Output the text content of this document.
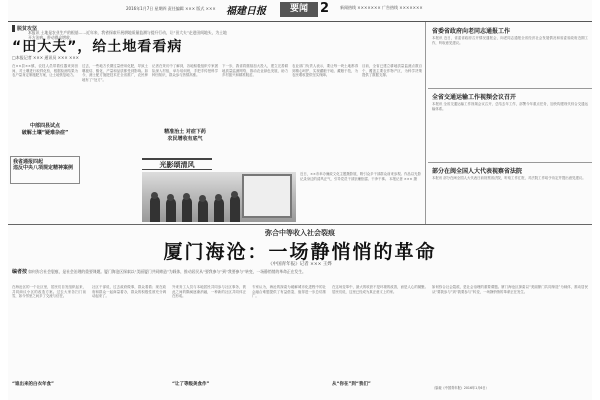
2016年1月7日 星期四 责任编辑 ××× 版式 ××× 福建日报	要闻 2	新闻热线 ××××××× 广告热线 ×××××××
脱贫攻坚
本报讯 土地是农业生产的根基……近年来，我省探索开展耕地质量监测与提升行动，让“田大夫”走进田间地头，为土地开方治病，带动群众增收。
“田大夫”，给土地看看病
□本报记者 ××× 通讯员 ××× ×××
在××县××镇，农技人员带着仪器来到田间，对土壤进行取样化验，根据检测结果为农户量身定制施肥方案，让土地恢复地力。
过去，一些地方长期过量使用化肥，导致土壤板结、酸化，产量和品质都受到影响。如今，测土配方施肥技术在全省推广，农民种地有了“处方”。
记者在采访中了解到，各地积极组织专家团队深入村组，举办培训班，手把手传授科学种田知识，群众参与热情高涨。
下一步，我省将继续加大投入，建立完善耕地质量监测网络，推动农业绿色发展，助力乡村振兴和精准脱贫。
农业部门负责人表示，要让每一块土地都得到精心呵护，实现藏粮于地、藏粮于技，为农民增收提供坚实保障。
目前，全省已建立耕地质量监测点数百个，覆盖主要农作物产区，为科学决策提供了数据支撑。
中部四县试点
破解土壤“疑难杂症”	精准治土 对症下药
农民增收有底气
我省通报四起
违反中央八项规定精神案例
省委省政府向老同志通报工作
本报讯 近日，省委省政府召开情况通报会，向老同志通报全省经济社会发展情况和省委省政府近期工作，听取意见建议。
全省交通运输工作视频会议召开
本报讯 全省交通运输工作视频会议召开，总结去年工作，部署今年重点任务，加快构建现代综合交通运输体系。
部分在闽全国人大代表视察省法院
本报讯 部分在闽全国人大代表日前视察省法院，听取工作汇报，对法院工作给予肯定并提出意见建议。
光影颂清风
近日，××市举办廉政文化主题摄影展，吸引众多干部群众前来参观。作品以光影记录身边的清风正气，引导党员干部崇廉拒腐、干净干事。 本报记者 ××× 摄
弥合中等收入社会裂痕
厦门海沧：一场静悄悄的革命
《中国青年报》记者 ××× 王烨
编者按 如何弥合社会裂痕，是社会治理的重要课题。厦门海沧区探索以“美丽厦门共同缔造”为载体，推动居民从“要我参与”到“我要参与”转变，一场静悄悄的革命正在发生。
在海沧区的一个社区里，居民们自发组织起来，共同商议小区的改造方案。过去大家各扫门前雪，如今邻里之间多了交流与信任。
“谁出来的白衣年食”
社区干部说，过去政府做事，群众看着；现在政府和群众一起商量着办，群众的积极性被充分调动起来了。
外来务工人员与本地居民共同参与社区事务，彼此之间的隔阂逐渐消融，一种新的社区共同体正在形成。
“让了等级美食作”
专家认为，海沧的探索为破解城市化进程中的社会融合难题提供了有益借鉴，值得进一步总结推广。
在这场变革中，最大的收获不是环境的改善，而是人心的凝聚。居民们说，这里已经成为真正意义上的家。
从“你在”到“我们”
如何弥合社会裂痕，是社会治理的重要课题。厦门海沧区探索以“美丽厦门共同缔造”为载体，推动居民从“要我参与”到“我要参与”转变，一场静悄悄的革命正在发生。
（原载《中国青年报》2016年1月6日）
